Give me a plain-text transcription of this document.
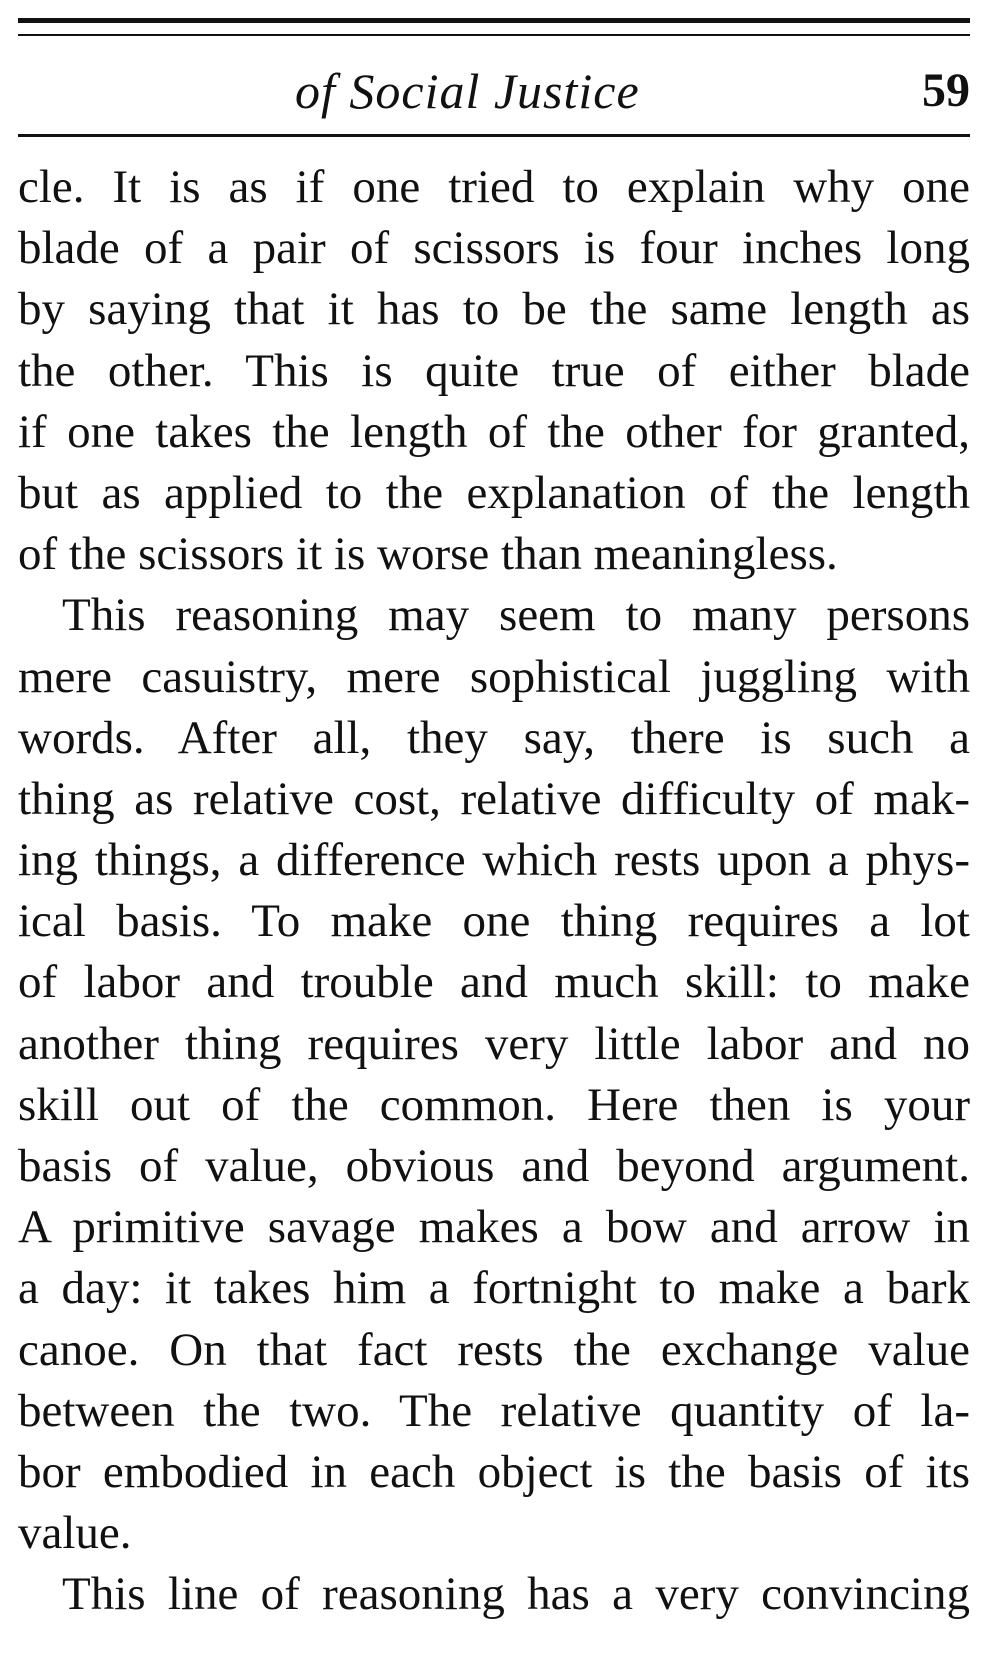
of Social Justice	59
cle. It is as if one tried to explain why one
blade of a pair of scissors is four inches long
by saying that it has to be the same length as
the other. This is quite true of either blade
if one takes the length of the other for granted,
but as applied to the explanation of the length
of the scissors it is worse than meaningless.
This reasoning may seem to many persons
mere casuistry, mere sophistical juggling with
words. After all, they say, there is such a
thing as relative cost, relative difficulty of mak-
ing things, a difference which rests upon a phys-
ical basis. To make one thing requires a lot
of labor and trouble and much skill: to make
another thing requires very little labor and no
skill out of the common. Here then is your
basis of value, obvious and beyond argument.
A primitive savage makes a bow and arrow in
a day: it takes him a fortnight to make a bark
canoe. On that fact rests the exchange value
between the two. The relative quantity of la-
bor embodied in each object is the basis of its
value.
This line of reasoning has a very convincing
